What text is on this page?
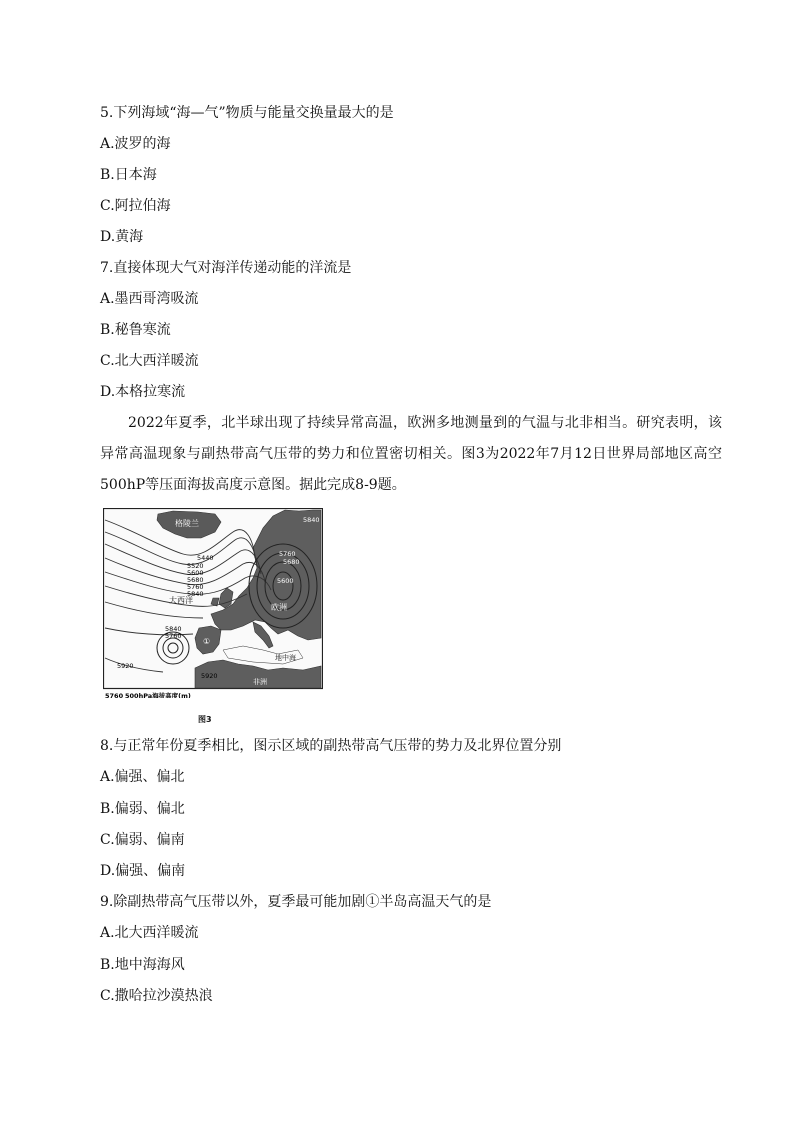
5.下列海域“海—气”物质与能量交换量最大的是
A.波罗的海
B.日本海
C.阿拉伯海
D.黄海
7.直接体现大气对海洋传递动能的洋流是
A.墨西哥湾吸流
B.秘鲁寒流
C.北大西洋暖流
D.本格拉寒流
2022年夏季，北半球出现了持续异常高温，欧洲多地测量到的气温与北非相当。研究表明，该异常高温现象与副热带高气压带的势力和位置密切相关。图3为2022年7月12日世界局部地区高空500hP等压面海拔高度示意图。据此完成8-9题。
格陵兰
大西洋
欧洲
地中海
非洲
①
5440
5520
5600
5680
5760
5840
5840
5760
5760
5680
5600
5840
5920
5920
5760 500hPa海拔高度(m)
图3
8.与正常年份夏季相比，图示区域的副热带高气压带的势力及北界位置分别
A.偏强、偏北
B.偏弱、偏北
C.偏弱、偏南
D.偏强、偏南
9.除副热带高气压带以外，夏季最可能加剧①半岛高温天气的是
A.北大西洋暖流
B.地中海海风
C.撒哈拉沙漠热浪
